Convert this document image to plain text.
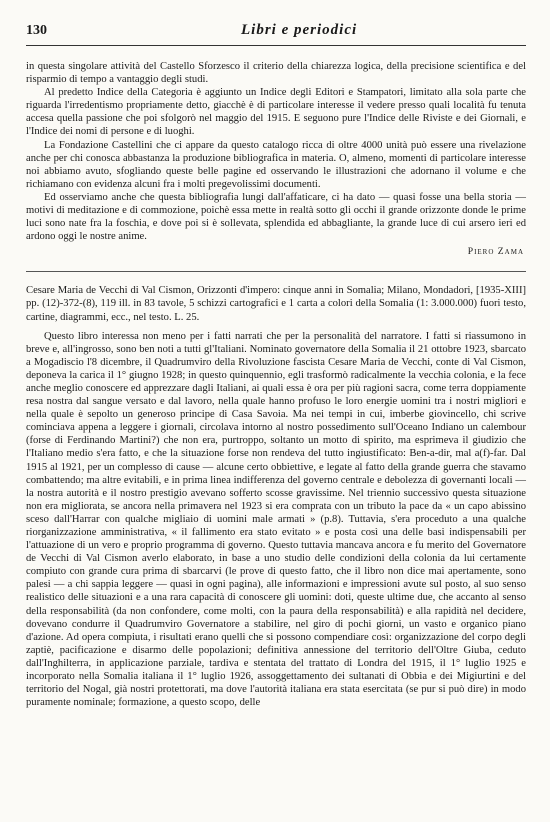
130	Libri e periodici

in questa singolare attività del Castello Sforzesco il criterio della chiarezza logica, della precisione scientifica e del risparmio di tempo a vantaggio degli studi.

Al predetto Indice della Categoria è aggiunto un Indice degli Editori e Stampatori, limitato alla sola parte che riguarda l'irredentismo propriamente detto, giacchè è di particolare interesse il vedere presso quali località fu tenuta accesa quella passione che poi sfolgorò nel maggio del 1915. E seguono pure l'Indice delle Riviste e dei Giornali, e l'Indice dei nomi di persone e di luoghi.

La Fondazione Castellini che ci appare da questo catalogo ricca di oltre 4000 unità può essere una rivelazione anche per chi conosca abbastanza la produzione bibliografica in materia. O, almeno, momenti di particolare interesse noi abbiamo avuto, sfogliando queste belle pagine ed osservando le illustrazioni che adornano il volume e che richiamano con evidenza alcuni fra i molti pregevolissimi documenti.

Ed osserviamo anche che questa bibliografia lungi dall'affaticare, ci ha dato — quasi fosse una bella storia — motivi di meditazione e di commozione, poichè essa mette in realtà sotto gli occhi il grande orizzonte donde le prime luci sono nate fra la foschia, e dove poi si è sollevata, splendida ed abbagliante, la grande luce di cui arsero ieri ed ardono oggi le nostre anime.

Piero Zama

Cesare Maria de Vecchi di Val Cismon, Orizzonti d'impero: cinque anni in Somalia; Milano, Mondadori, [1935-XIII] pp. (12)-372-(8), 119 ill. in 83 tavole, 5 schizzi cartografici e 1 carta a colori della Somalia (1: 3.000.000) fuori testo, cartine, diagrammi, ecc., nel testo. L. 25.

Questo libro interessa non meno per i fatti narrati che per la personalità del narratore. I fatti si riassumono in breve e, all'ingrosso, sono ben noti a tutti gl'Italiani. Nominato governatore della Somalia il 21 ottobre 1923, sbarcato a Mogadiscio l'8 dicembre, il Quadrumviro della Rivoluzione fascista Cesare Maria de Vecchi, conte di Val Cismon, deponeva la carica il 1° giugno 1928; in questo quinquennio, egli trasformò radicalmente la vecchia colonia, e la fece anche meglio conoscere ed apprezzare dagli Italiani, ai quali essa è ora per più ragioni sacra, come terra doppiamente resa nostra dal sangue versato e dal lavoro, nella quale hanno profuso le loro energie uomini tra i nostri migliori e nella quale è sepolto un generoso principe di Casa Savoia. Ma nei tempi in cui, imberbe giovincello, chi scrive cominciava appena a leggere i giornali, circolava intorno al nostro possedimento sull'Oceano Indiano un calembour (forse di Ferdinando Martini?) che non era, purtroppo, soltanto un motto di spirito, ma esprimeva il giudizio che l'Italiano medio s'era fatto, e che la situazione forse non rendeva del tutto ingiustificato: Ben-a-dir, mal a(f)-far. Dal 1915 al 1921, per un complesso di cause — alcune certo obbiettive, e legate al fatto della grande guerra che stavamo combattendo; ma altre evitabili, e in prima linea indifferenza del governo centrale e debolezza di governanti locali — la nostra autorità e il nostro prestigio avevano sofferto scosse gravissime. Nel triennio successivo questa situazione non era migliorata, se ancora nella primavera nel 1923 si era comprata con un tributo la pace da « un capo abissino sceso dall'Harrar con qualche migliaio di uomini male armati » (p.8). Tuttavia, s'era proceduto a una qualche riorganizzazione amministrativa, « il fallimento era stato evitato » e posta così una delle basi indispensabili per l'attuazione di un vero e proprio programma di governo. Questo tuttavia mancava ancora e fu merito del Governatore de Vecchi di Val Cismon averlo elaborato, in base a uno studio delle condizioni della colonia da lui certamente compiuto con grande cura prima di sbarcarvi (le prove di questo fatto, che il libro non dice mai apertamente, sono palesi — a chi sappia leggere — quasi in ogni pagina), alle informazioni e impressioni avute sul posto, al suo senso realistico delle situazioni e a una rara capacità di conoscere gli uomini: doti, queste ultime due, che accanto al senso della responsabilità (da non confondere, come molti, con la paura della responsabilità) e alla rapidità nel decidere, dovevano condurre il Quadrumviro Governatore a stabilire, nel giro di pochi giorni, un vasto e organico piano d'azione. Ad opera compiuta, i risultati erano quelli che si possono compendiare così: organizzazione del corpo degli zaptiè, pacificazione e disarmo delle popolazioni; definitiva annessione del territorio dell'Oltre Giuba, ceduto dall'Inghilterra, in applicazione parziale, tardiva e stentata del trattato di Londra del 1915, il 1° luglio 1925 e incorporato nella Somalia italiana il 1° luglio 1926, assoggettamento dei sultanati di Obbia e dei Migiurtini e del territorio del Nogal, già nostri protettorati, ma dove l'autorità italiana era stata esercitata (se pur si può dire) in modo puramente nominale; formazione, a questo scopo, delle
